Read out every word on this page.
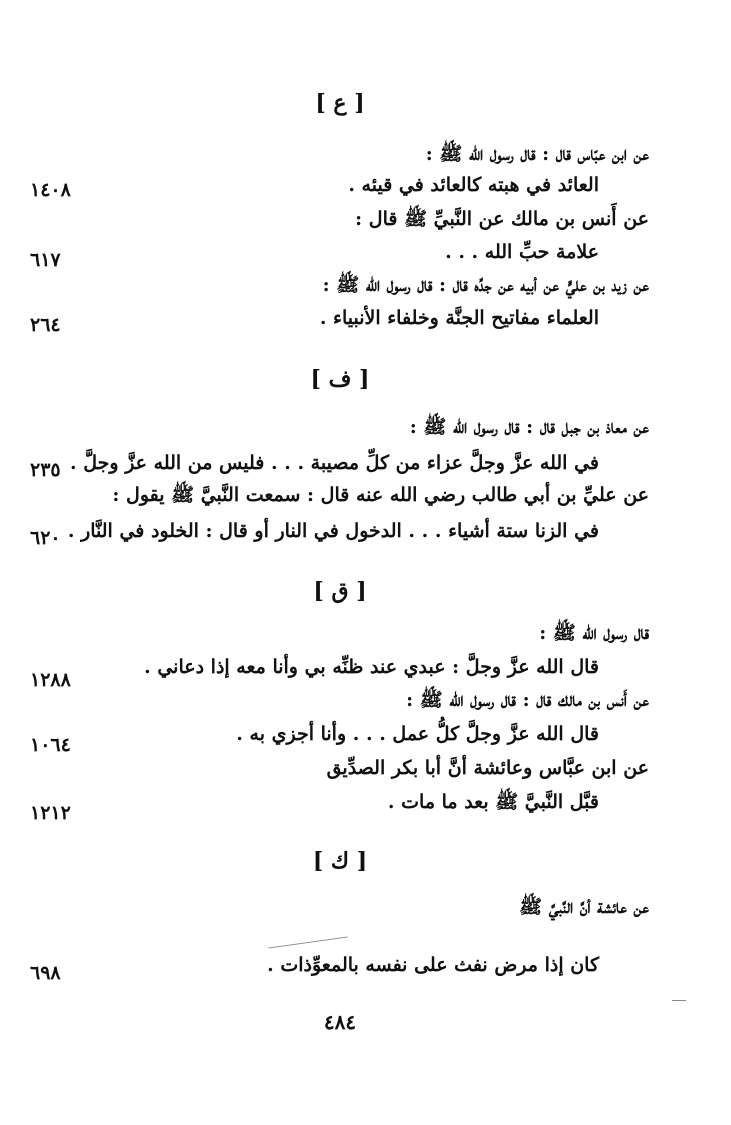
[ ع ]
عن ابن عبّاس قال : قال رسول الله ﷺ :
العائد في هبته كالعائد في قيئه .
١٤٠٨
عن أَنس بن مالك عن النَّبيِّ ﷺ قال :
علامة حبِّ الله . . .
٦١٧
عن زيد بن عليٍّ عن أبيه عن جدِّه قال : قال رسول الله ﷺ :
العلماء مفاتيح الجنَّة وخلفاء الأنبياء .
٢٦٤
[ ف ]
عن معاذ بن جبل قال : قال رسول الله ﷺ :
في الله عزَّ وجلَّ عزاء من كلِّ مصيبة . . . فليس من الله عزَّ وجلَّ .
٢٣٥
عن عليِّ بن أبي طالب رضي الله عنه قال : سمعت النَّبيَّ ﷺ يقول :
في الزنا ستة أشياء . . . الدخول في النار أو قال : الخلود في النَّار .
٦٢٠
[ ق ]
قال رسول الله ﷺ :
قال الله عزَّ وجلَّ : عبدي عند ظنِّه بي وأنا معه إذا دعاني .
١٢٨٨
عن أَنس بن مالك قال : قال رسول الله ﷺ :
قال الله عزَّ وجلَّ كلُّ عمل . . . وأنا أجزي به .
١٠٦٤
عن ابن عبَّاس وعائشة أنَّ أبا بكر الصدِّيق
قبَّل النَّبيَّ ﷺ بعد ما مات .
١٢١٢
[ ك ]
عن عائشة أنَّ النَّبيَّ ﷺ
كان إذا مرض نفث على نفسه بالمعوِّذات .
٦٩٨
٤٨٤
